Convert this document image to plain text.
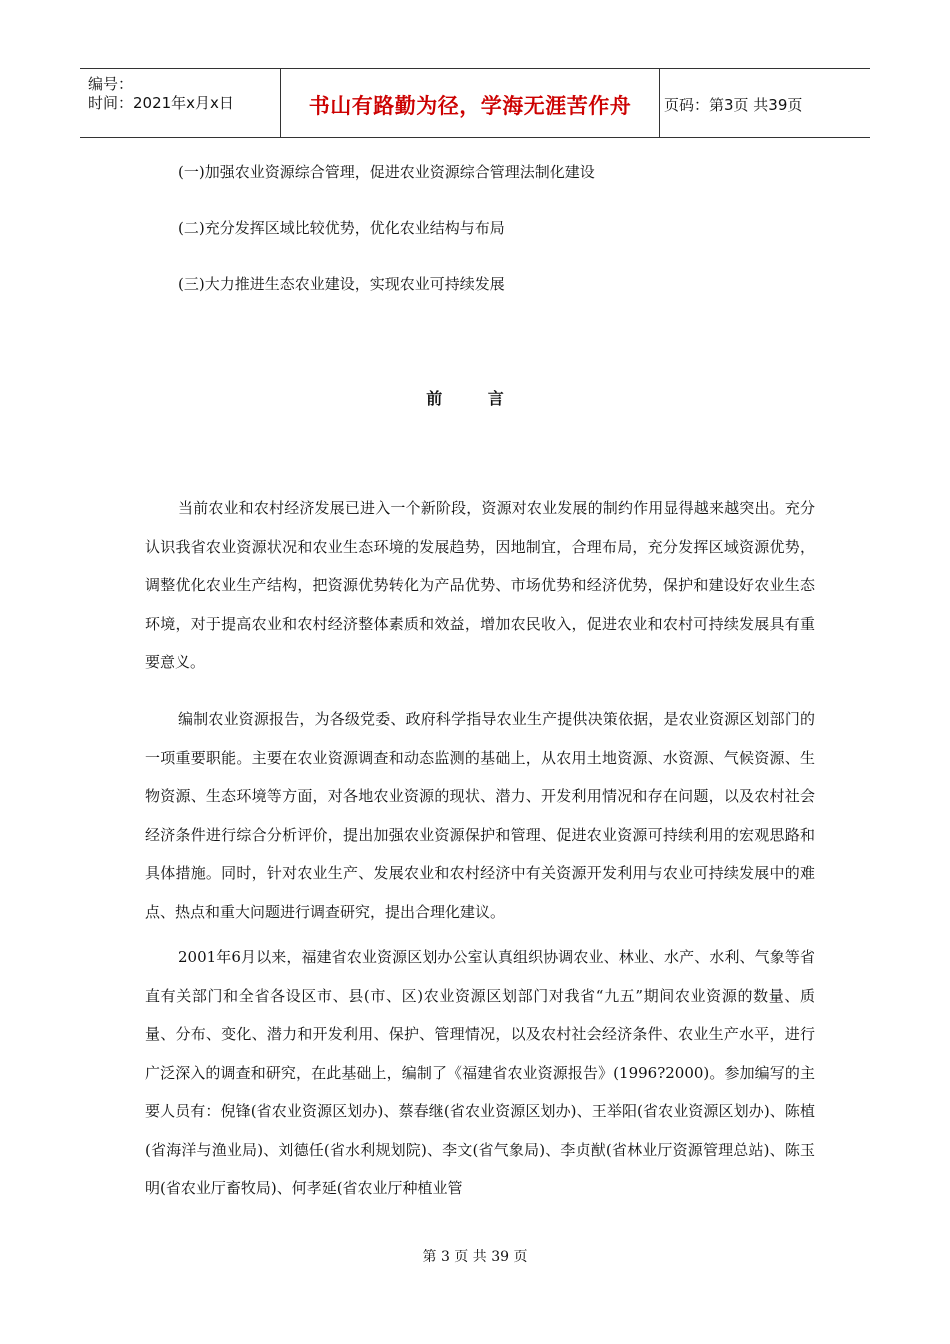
编号：
时间：2021年x月x日	书山有路勤为径，学海无涯苦作舟 页码：第3页 共39页
(一)加强农业资源综合管理，促进农业资源综合管理法制化建设
(二)充分发挥区域比较优势，优化农业结构与布局
(三)大力推进生态农业建设，实现农业可持续发展
前 言
当前农业和农村经济发展已进入一个新阶段，资源对农业发展的制约作用显得越来越突出。充分认识我省农业资源状况和农业生态环境的发展趋势，因地制宜，合理布局，充分发挥区域资源优势，调整优化农业生产结构，把资源优势转化为产品优势、市场优势和经济优势，保护和建设好农业生态环境，对于提高农业和农村经济整体素质和效益，增加农民收入，促进农业和农村可持续发展具有重要意义。
编制农业资源报告，为各级党委、政府科学指导农业生产提供决策依据，是农业资源区划部门的一项重要职能。主要在农业资源调查和动态监测的基础上，从农用土地资源、水资源、气候资源、生物资源、生态环境等方面，对各地农业资源的现状、潜力、开发利用情况和存在问题，以及农村社会经济条件进行综合分析评价，提出加强农业资源保护和管理、促进农业资源可持续利用的宏观思路和具体措施。同时，针对农业生产、发展农业和农村经济中有关资源开发利用与农业可持续发展中的难点、热点和重大问题进行调查研究，提出合理化建议。
2001年6月以来，福建省农业资源区划办公室认真组织协调农业、林业、水产、水利、气象等省直有关部门和全省各设区市、县(市、区)农业资源区划部门对我省“九五”期间农业资源的数量、质量、分布、变化、潜力和开发利用、保护、管理情况，以及农村社会经济条件、农业生产水平，进行广泛深入的调查和研究，在此基础上，编制了《福建省农业资源报告》(1996?2000)。参加编写的主要人员有：倪锋(省农业资源区划办)、蔡春继(省农业资源区划办)、王举阳(省农业资源区划办)、陈植(省海洋与渔业局)、刘德任(省水利规划院)、李文(省气象局)、李贞猷(省林业厅资源管理总站)、陈玉明(省农业厅畜牧局)、何孝延(省农业厅种植业管
第 3 页 共 39 页
